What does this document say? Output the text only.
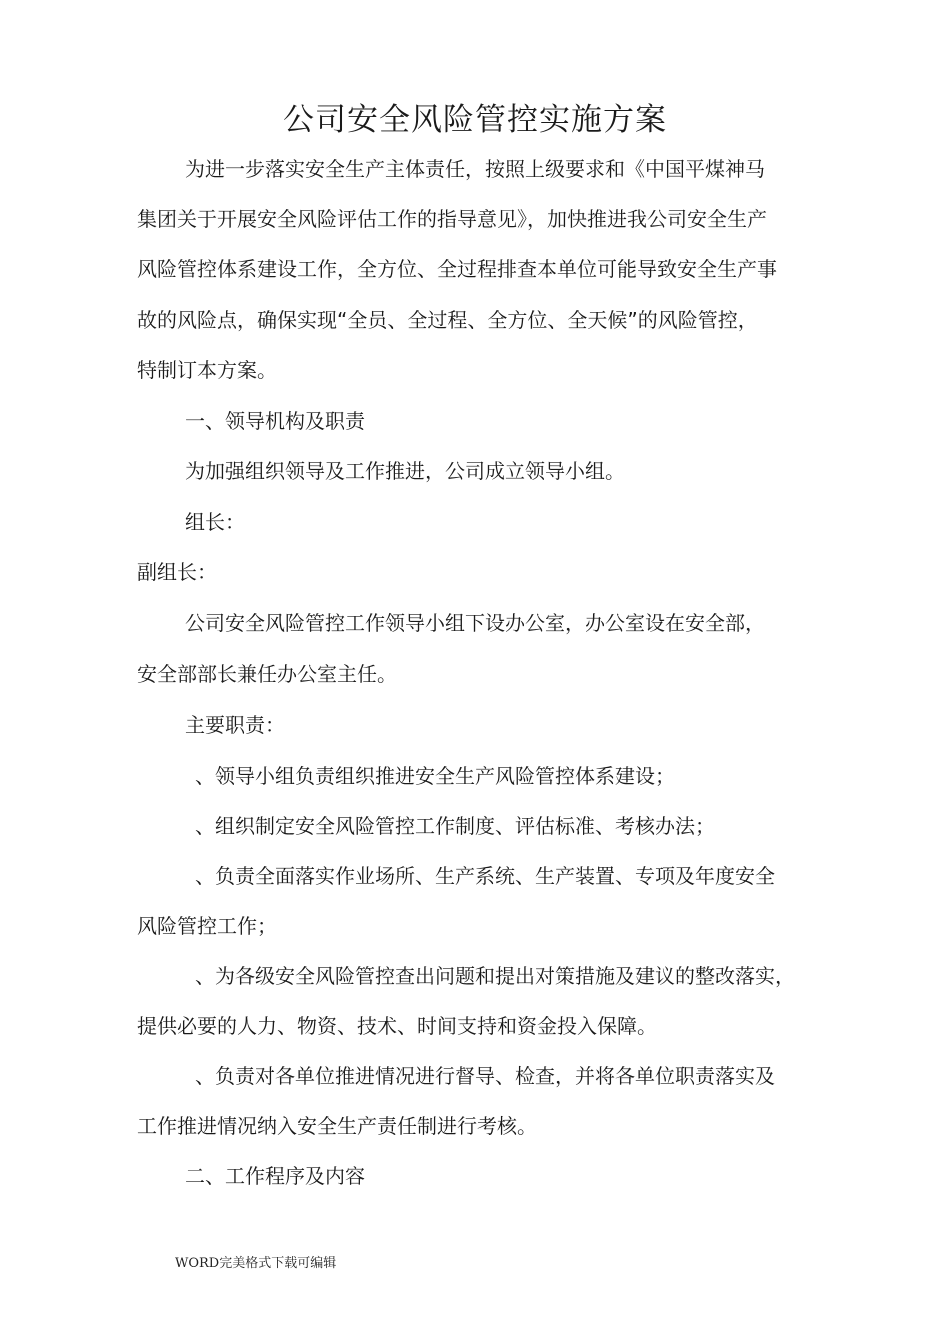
公司安全风险管控实施方案
为进一步落实安全生产主体责任，按照上级要求和《中国平煤神马
集团关于开展安全风险评估工作的指导意见》，加快推进我公司安全生产
风险管控体系建设工作，全方位、全过程排查本单位可能导致安全生产事
故的风险点，确保实现“全员、全过程、全方位、全天候”的风险管控，
特制订本方案。
一、领导机构及职责
为加强组织领导及工作推进，公司成立领导小组。
组长：
副组长：
公司安全风险管控工作领导小组下设办公室，办公室设在安全部，
安全部部长兼任办公室主任。
主要职责：
、领导小组负责组织推进安全生产风险管控体系建设；
、组织制定安全风险管控工作制度、评估标准、考核办法；
、负责全面落实作业场所、生产系统、生产装置、专项及年度安全
风险管控工作；
、为各级安全风险管控查出问题和提出对策措施及建议的整改落实，
提供必要的人力、物资、技术、时间支持和资金投入保障。
、负责对各单位推进情况进行督导、检查，并将各单位职责落实及
工作推进情况纳入安全生产责任制进行考核。
二、工作程序及内容
WORD完美格式下载可编辑
